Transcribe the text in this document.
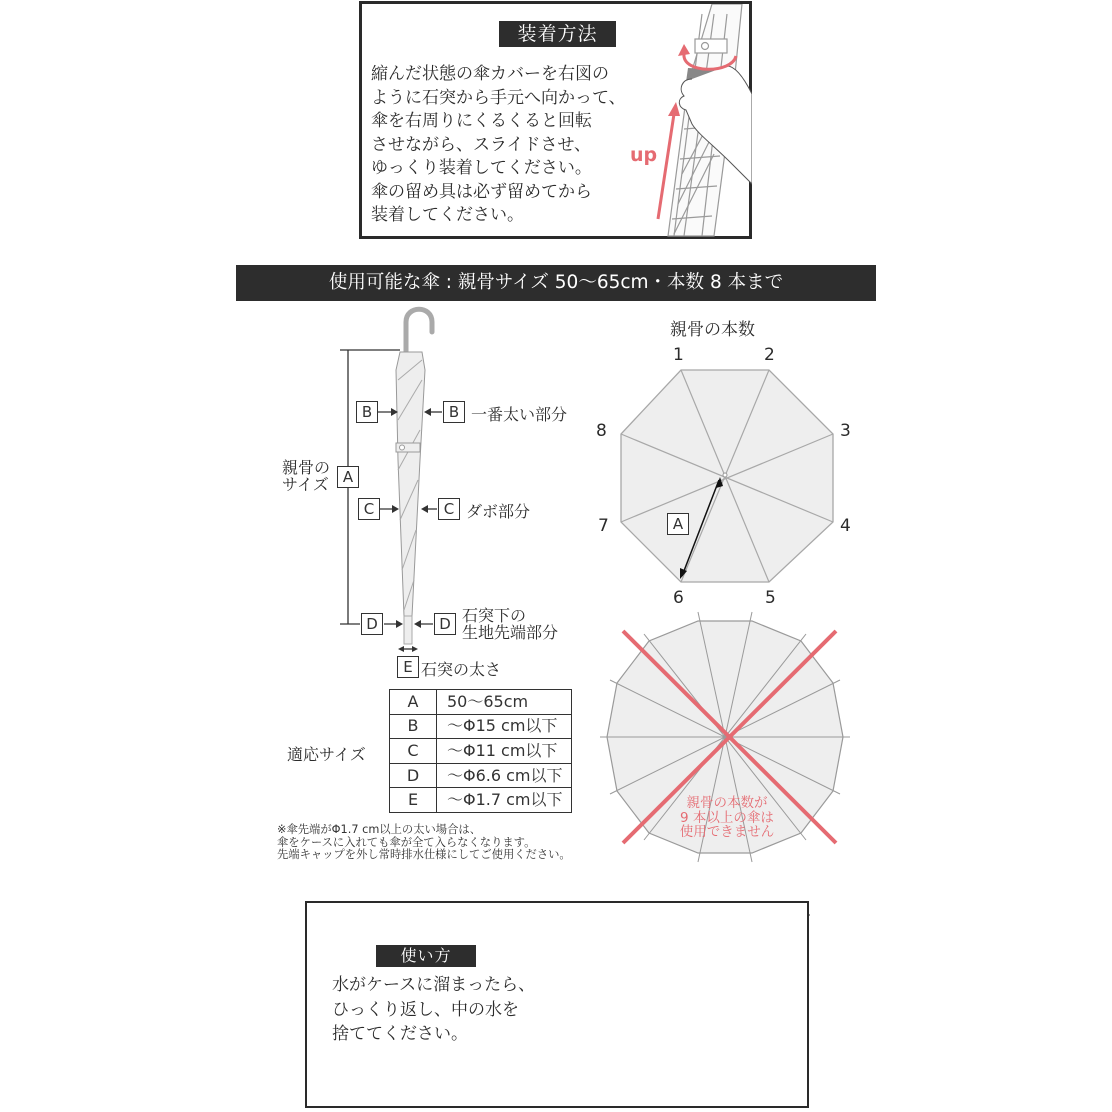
装着方法
縮んだ状態の傘カバーを右図の
ように石突から手元へ向かって、
傘を右周りにくるくると回転
させながら、スライドさせ、
ゆっくり装着してください。
傘の留め具は必ず留めてから
装着してください。
up
使用可能な傘 : 親骨サイズ 50〜65cm・本数 8 本まで
親骨の
サイズ A
B	B 一番太い部分
C	C ダボ部分
D	D 石突下の
生地先端部分
E 石突の太さ
親骨の本数
1	2
3
4
5
6
7
8
A
適応サイズ
A	50〜65cm
B	〜Φ15 cm以下
C	〜Φ11 cm以下
D	〜Φ6.6 cm以下
E	〜Φ1.7 cm以下
※傘先端がΦ1.7 cm以上の太い場合は、
傘をケースに入れても傘が全て入らなくなります。
先端キャップを外し常時排水仕様にしてご使用ください。
親骨の本数が
9 本以上の傘は
使用できません
使い方
水がケースに溜まったら、
ひっくり返し、中の水を
捨ててください。
